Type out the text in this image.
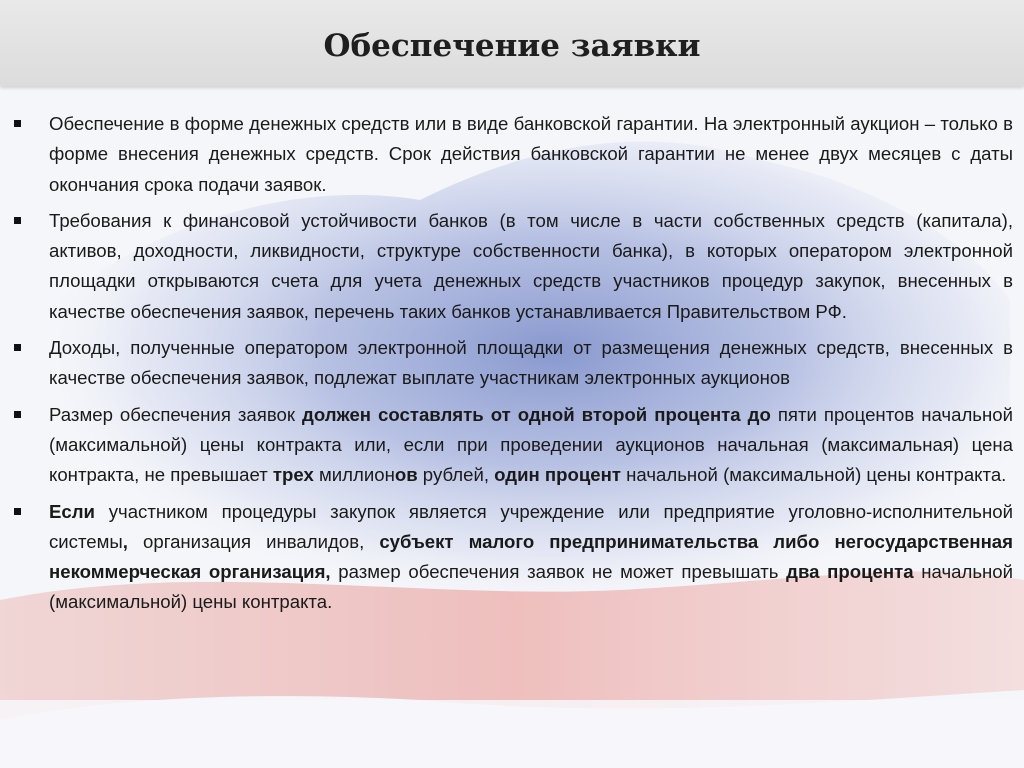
Обеспечение заявки
Обеспечение в форме денежных средств или в виде банковской гарантии. На электронный аукцион – только в форме внесения денежных средств. Срок действия банковской гарантии не менее двух месяцев с даты окончания срока подачи заявок.
Требования к финансовой устойчивости банков (в том числе в части собственных средств (капитала), активов, доходности, ликвидности, структуре собственности банка), в которых оператором электронной площадки открываются счета для учета денежных средств участников процедур закупок, внесенных в качестве обеспечения заявок, перечень таких банков устанавливается Правительством РФ.
Доходы, полученные оператором электронной площадки от размещения денежных средств, внесенных в качестве обеспечения заявок, подлежат выплате участникам электронных аукционов
Размер обеспечения заявок должен составлять от одной второй процента до пяти процентов начальной (максимальной) цены контракта или, если при проведении аукционов начальная (максимальная) цена контракта, не превышает трех миллионов рублей, один процент начальной (максимальной) цены контракта.
Если участником процедуры закупок является учреждение или предприятие уголовно-исполнительной системы, организация инвалидов, субъект малого предпринимательства либо негосударственная некоммерческая организация, размер обеспечения заявок не может превышать два процента начальной (максимальной) цены контракта.
